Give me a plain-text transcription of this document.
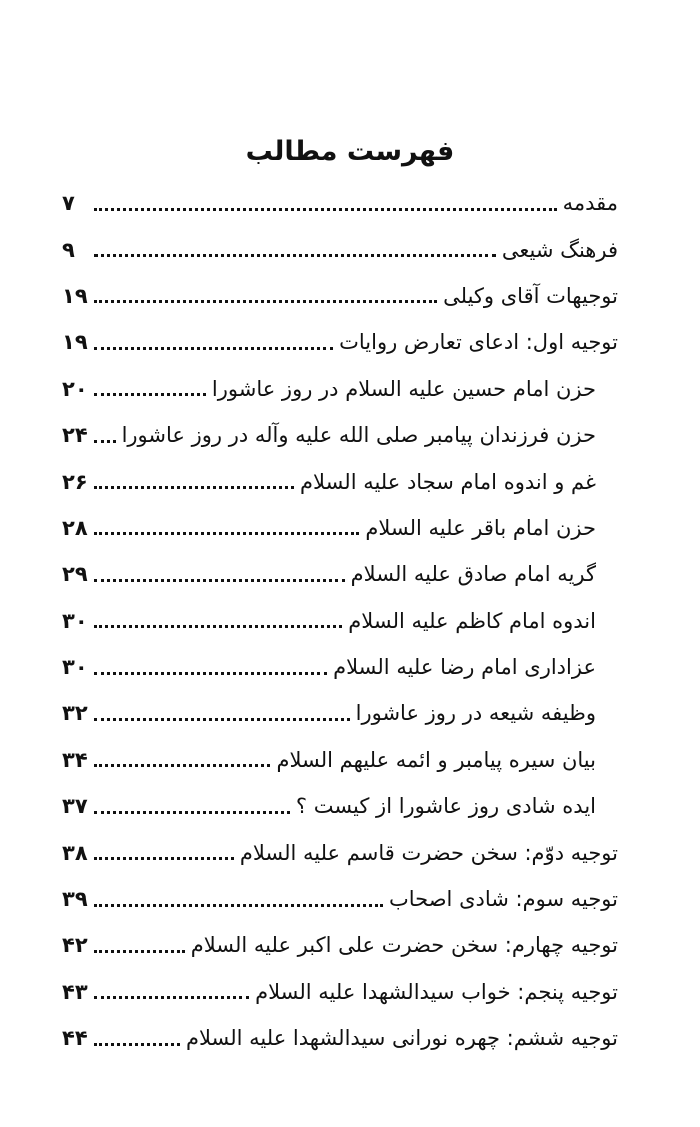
فهرست مطالب
مقدمه
۷
فرهنگ شیعی
۹
توجیهات آقای وکیلی
۱۹
توجیه اول: ادعای تعارض روایات
۱۹
حزن امام حسین عليه السلام در روز عاشورا
۲۰
حزن فرزندان پیامبر صلى الله عليه وآله در روز عاشورا
۲۴
غم و اندوه امام سجاد عليه السلام
۲۶
حزن امام باقر عليه السلام
۲۸
گریه امام صادق عليه السلام
۲۹
اندوه امام کاظم عليه السلام
۳۰
عزاداری امام رضا عليه السلام
۳۰
وظیفه شیعه در روز عاشورا
۳۲
بیان سیره پیامبر و ائمه عليهم السلام
۳۴
ایده شادی روز عاشورا از کیست ؟
۳۷
توجیه دوّم: سخن حضرت قاسم عليه السلام
۳۸
توجیه سوم: شادی اصحاب
۳۹
توجیه چهارم: سخن حضرت علی اکبر عليه السلام
۴۲
توجیه پنجم: خواب سیدالشهدا عليه السلام
۴۳
توجیه ششم: چهره نورانی سیدالشهدا عليه السلام
۴۴
